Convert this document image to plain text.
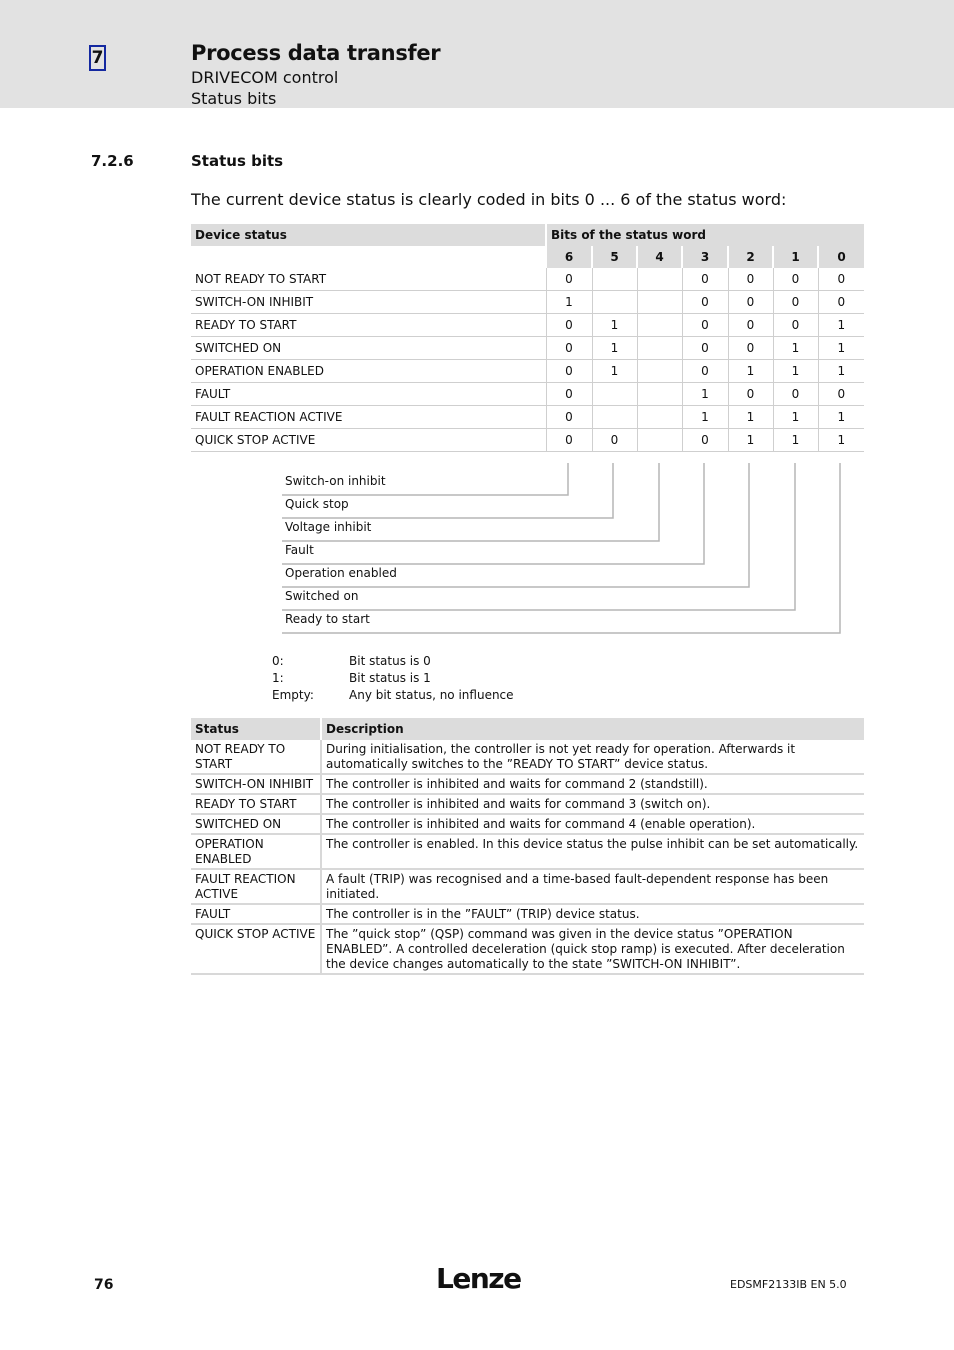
7	Process data transfer
DRIVECOM control
Status bits
7.2.6	Status bits
The current device status is clearly coded in bits 0 ... 6 of the status word:
Device status	Bits of the status word						
	6	5	4	3	2	1	0
NOT READY TO START	0			0	0	0	0
SWITCH-ON INHIBIT	1			0	0	0	0
READY TO START	0	1		0	0	0	1
SWITCHED ON	0	1		0	0	1	1
OPERATION ENABLED	0	1		0	1	1	1
FAULT	0			1	0	0	0
FAULT REACTION ACTIVE	0			1	1	1	1
QUICK STOP ACTIVE	0	0		0	1	1	1
Switch-on inhibit
Quick stop
Voltage inhibit
Fault
Operation enabled
Switched on
Ready to start
0:	Bit status is 0
1:	Bit status is 1
Empty:	Any bit status, no influence
Status	Description
NOT READY TO START	During initialisation, the controller is not yet ready for operation. Afterwards it automatically switches to the ”READY TO START” device status.
SWITCH-ON INHIBIT	The controller is inhibited and waits for command 2 (standstill).
READY TO START	The controller is inhibited and waits for command 3 (switch on).
SWITCHED ON	The controller is inhibited and waits for command 4 (enable operation).
OPERATION ENABLED	The controller is enabled. In this device status the pulse inhibit can be set automatically.
FAULT REACTION ACTIVE	A fault (TRIP) was recognised and a time-based fault-dependent response has been initiated.
FAULT	The controller is in the ”FAULT” (TRIP) device status.
QUICK STOP ACTIVE	The ”quick stop” (QSP) command was given in the device status ”OPERATION ENABLED”. A controlled deceleration (quick stop ramp) is executed. After deceleration the device changes automatically to the state ”SWITCH-ON INHIBIT”.
76	Lenze	EDSMF2133IB EN 5.0
